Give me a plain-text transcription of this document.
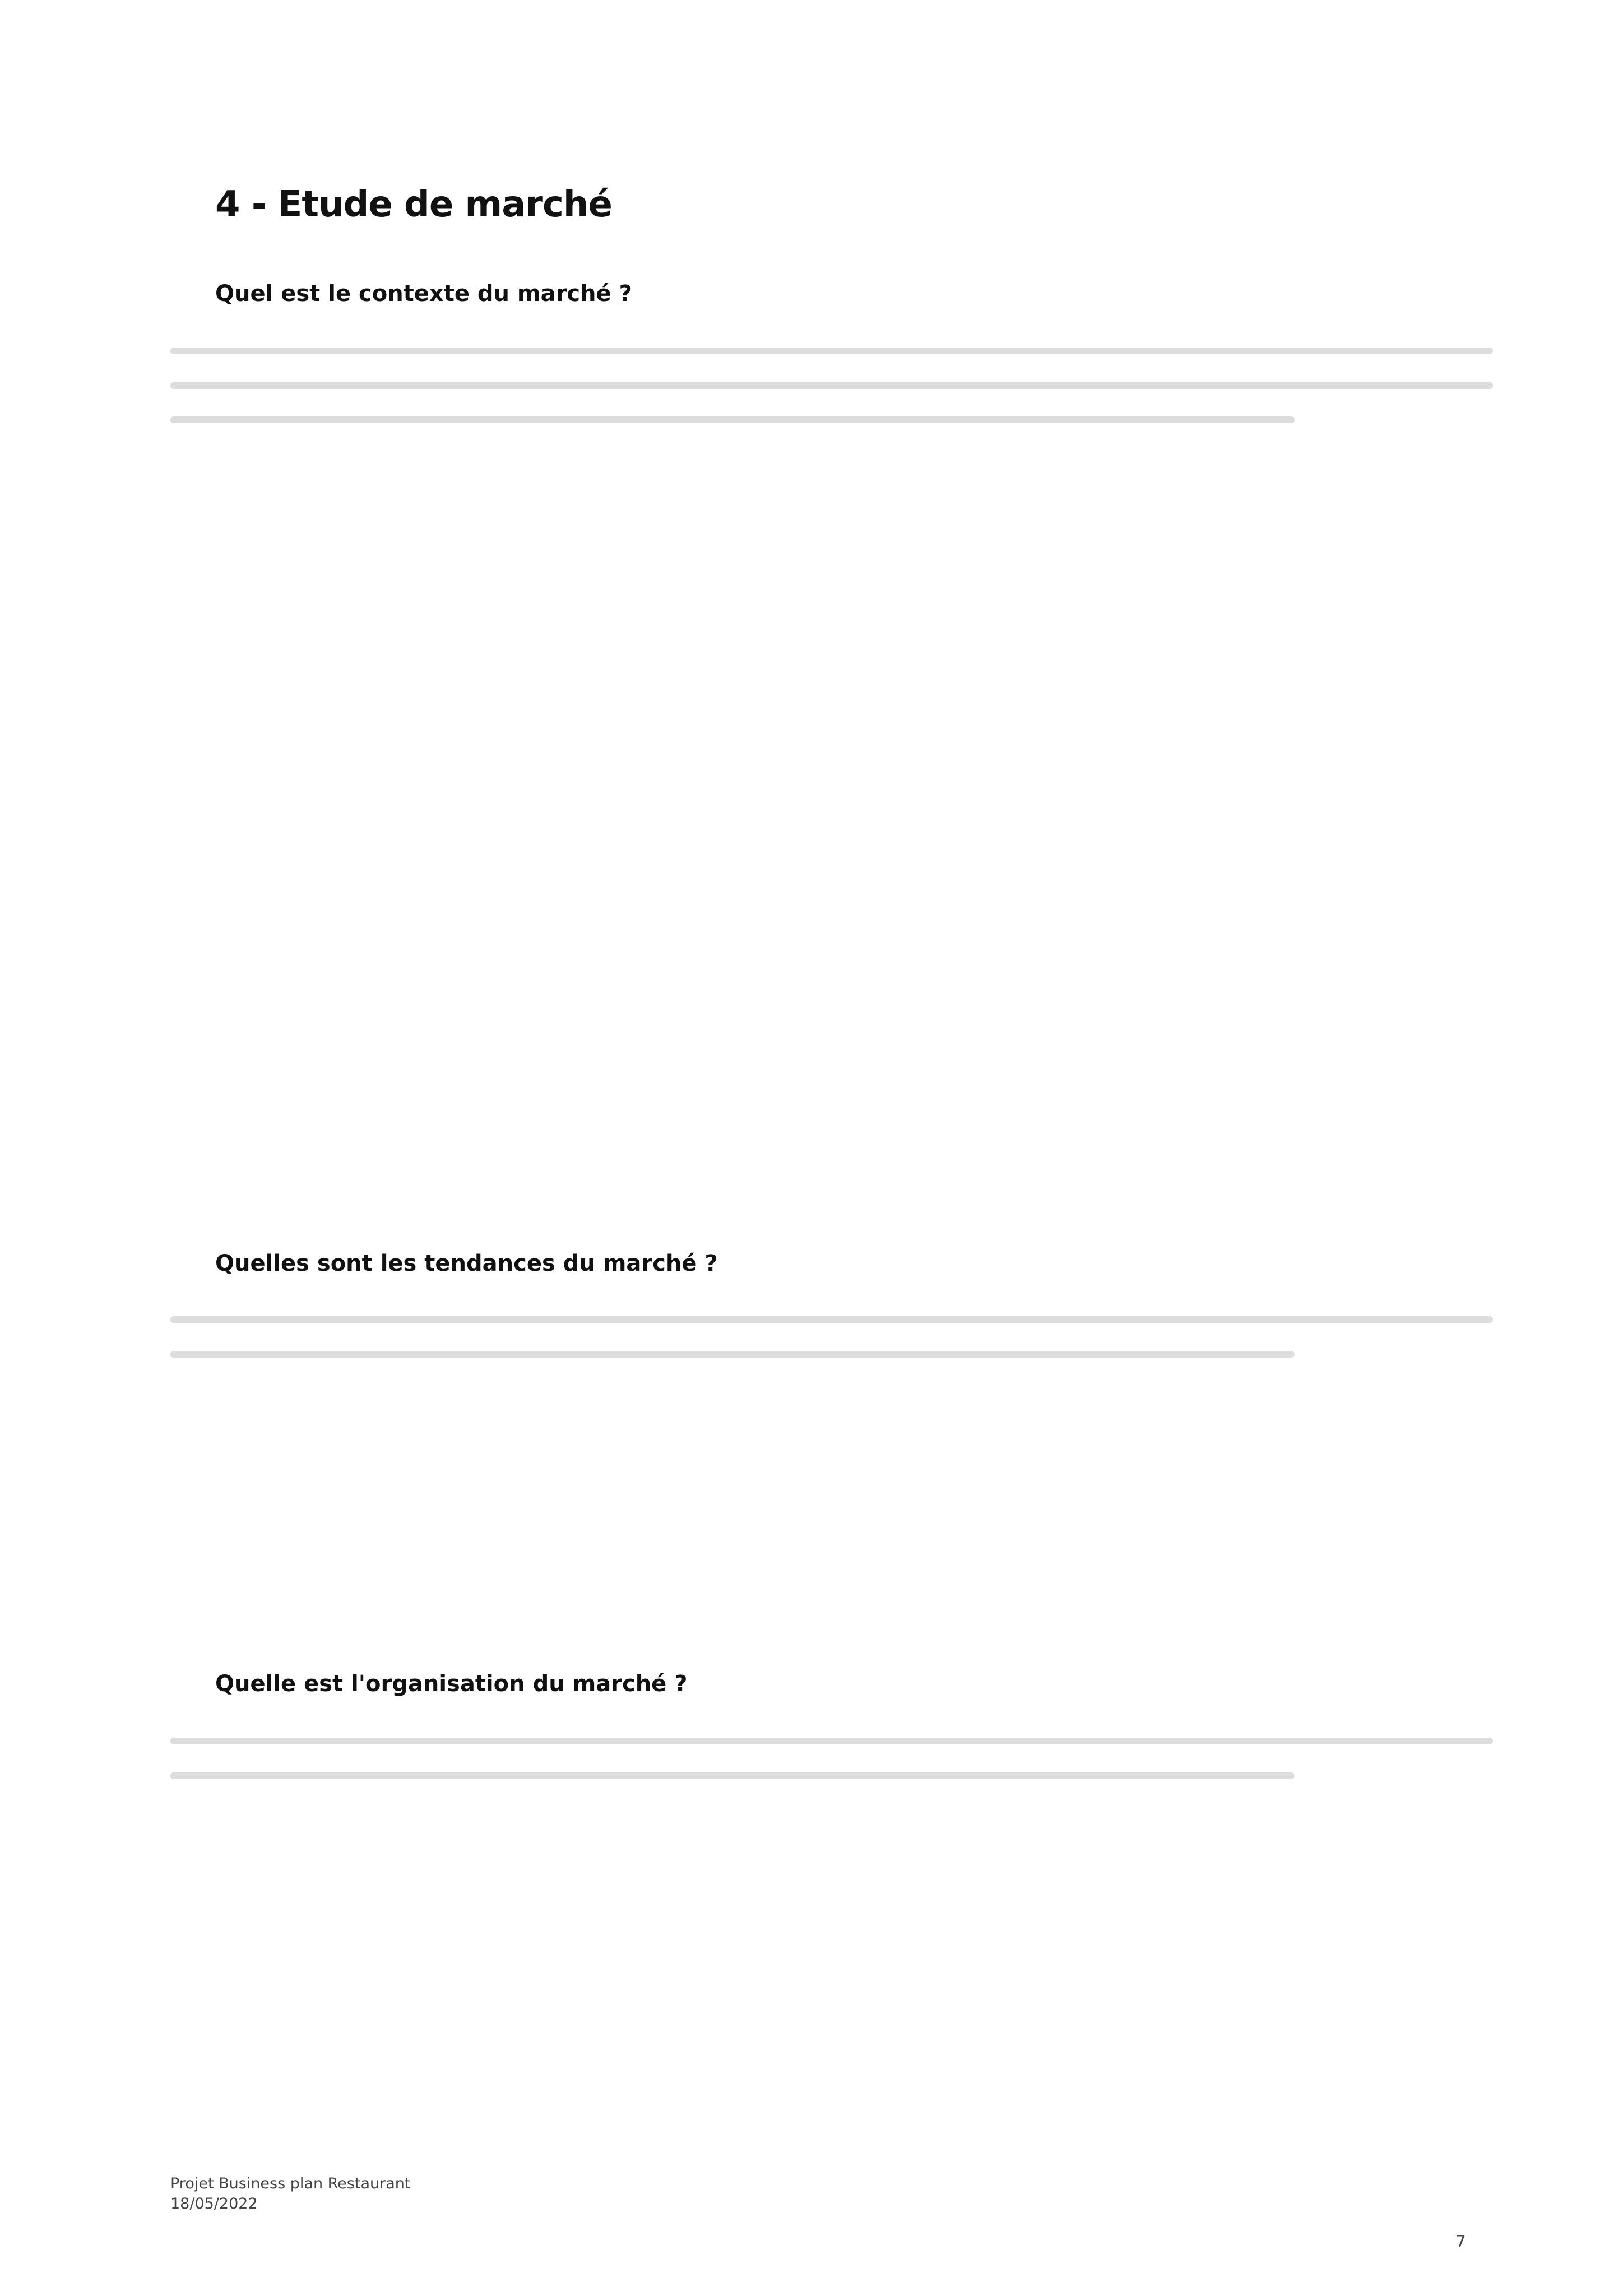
4 - Etude de marché
Quel est le contexte du marché ?
Quelles sont les tendances du marché ?
Quelle est l'organisation du marché ?
Projet Business plan Restaurant
18/05/2022
7
